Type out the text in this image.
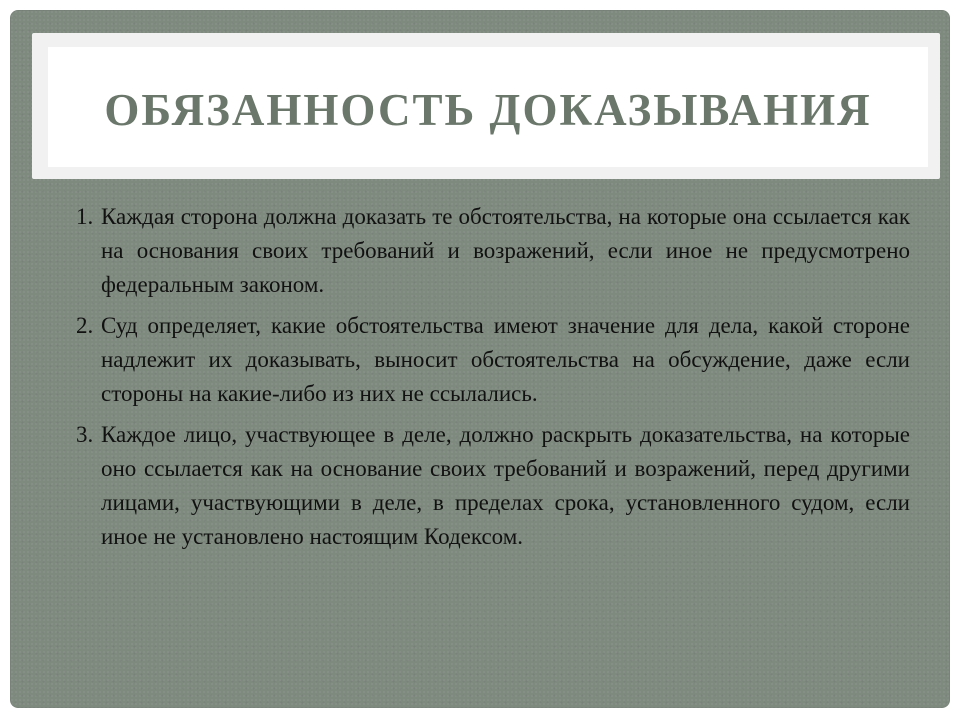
ОБЯЗАННОСТЬ ДОКАЗЫВАНИЯ
1. Каждая сторона должна доказать те обстоятельства, на которые она ссылается как на основания своих требований и возражений, если иное не предусмотрено федеральным законом.
2. Суд определяет, какие обстоятельства имеют значение для дела, какой стороне надлежит их доказывать, выносит обстоятельства на обсуждение, даже если стороны на какие-либо из них не ссылались.
3. Каждое лицо, участвующее в деле, должно раскрыть доказательства, на которые оно ссылается как на основание своих требований и возражений, перед другими лицами, участвующими в деле, в пределах срока, установленного судом, если иное не установлено настоящим Кодексом.
